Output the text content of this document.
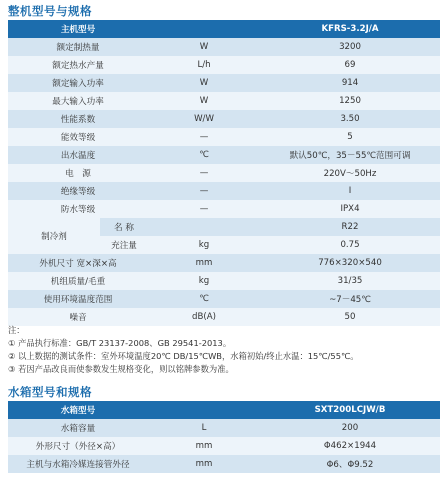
整机型号与规格
主机型号			KFRS-3.2J/A
额定制热量		W	3200
额定热水产量		L/h	69
额定输入功率		W	914
最大输入功率		W	1250
性能系数		W/W	3.50
能效等级		—	5
出水温度		℃	默认50℃，35－55℃范围可调
电　源		—	220V～50Hz
绝缘等级		—	I
防水等级		—	IPX4
制冷剂	名 称		R22
	充注量	kg	0.75
外机尺寸 宽×深×高		mm	776×320×540
机组质量/毛重		kg	31/35
使用环境温度范围		℃	~7－45℃
噪音		dB(A)	50
注：
① 产品执行标准：GB/T 23137-2008、GB 29541-2013。
② 以上数据的测试条件：室外环境温度20℃ DB/15℃WB，水箱初始/终止水温：15℃/55℃。
③ 若因产品改良而使参数发生规格变化，则以铭牌参数为准。
水箱型号和规格
水箱型号		SXT200LCJW/B
水箱容量	L	200
外形尺寸（外径×高）	mm	Φ462×1944
主机与水箱冷媒连接管外径	mm	Φ6、Φ9.52
